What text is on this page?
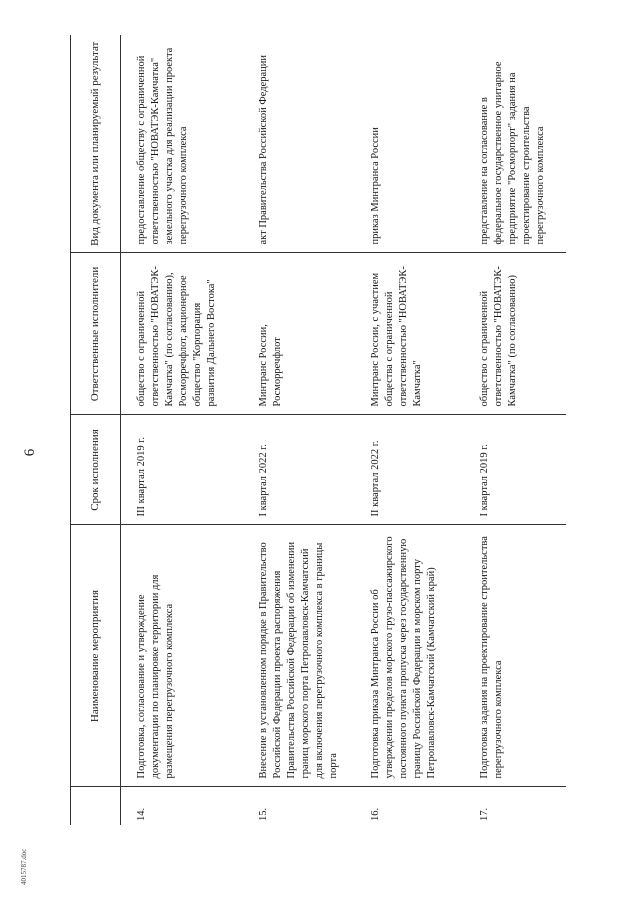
6
4015787.doc
	Наименование мероприятия	Срок исполнения	Ответственные исполнители	Вид документа или планируемый результат
14.	Подготовка, согласование и утверждение документации по планировке территории для размещения перегрузочного комплекса	III квартал 2019 г.	общество с ограниченной ответственностью "НОВАТЭК-Камчатка" (по согласованию), Росморречфлот, акционерное общество "Корпорация развития Дальнего Востока"	предоставление обществу с ограниченной ответственностью "НОВАТЭК-Камчатка" земельного участка для реализации проекта перегрузочного комплекса
15.	Внесение в установленном порядке в Правительство Российской Федерации проекта распоряжения Правительства Российской Федерации об изменении границ морского порта Петропавловск-Камчатский для включения перегрузочного комплекса в границы порта	I квартал 2022 г.	Минтранс России, Росморречфлот	акт Правительства Российской Федерации
16.	Подготовка приказа Минтранса России об утверждении пределов морского грузо-пассажирского постоянного пункта пропуска через государственную границу Российской Федерации в морском порту Петропавловск-Камчатский (Камчатский край)	II квартал 2022 г.	Минтранс России, с участием общества с ограниченной ответственностью "НОВАТЭК-Камчатка"	приказ Минтранса России
17.	Подготовка задания на проектирование строительства перегрузочного комплекса	I квартал 2019 г.	общество с ограниченной ответственностью "НОВАТЭК-Камчатка" (по согласованию)	представление на согласование в федеральное государственное унитарное предприятие "Росморпорт" задания на проектирование строительства перегрузочного комплекса
